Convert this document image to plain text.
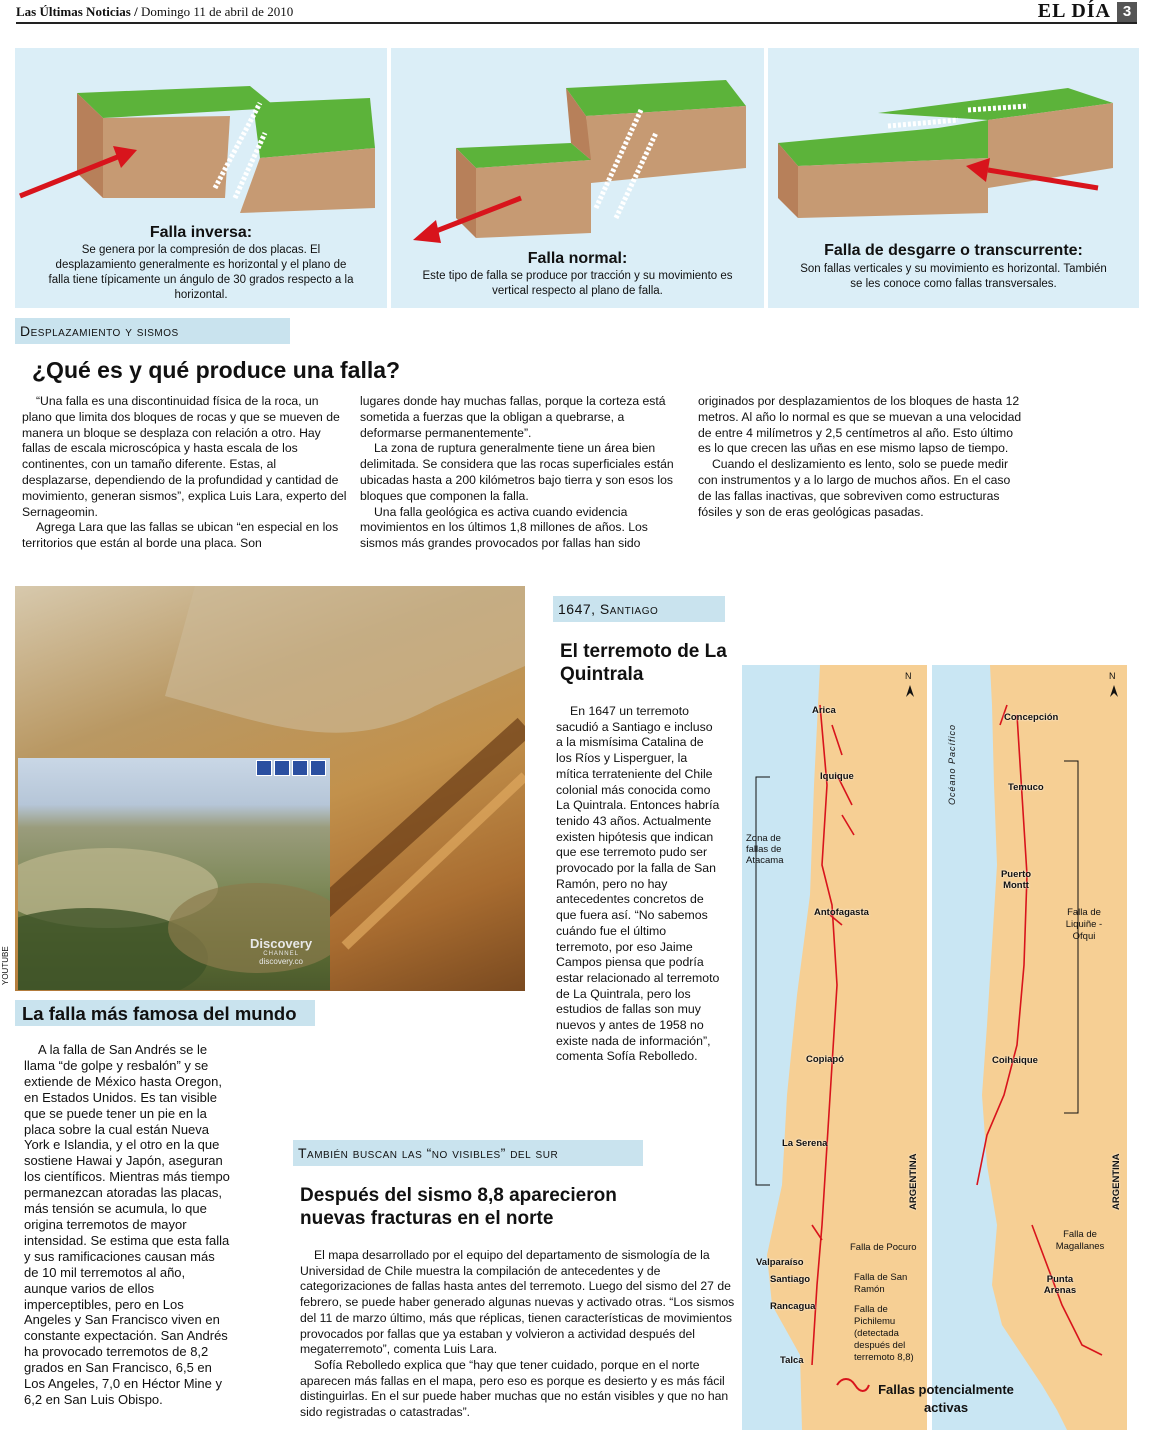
Las Últimas Noticias / Domingo 11 de abril de 2010	EL DÍA 3
Falla inversa:
Se genera por la compresión de dos placas. El desplazamiento generalmente es horizontal y el plano de falla tiene típicamente un ángulo de 30 grados respecto a la horizontal.
Falla normal:
Este tipo de falla se produce por tracción y su movimiento es vertical respecto al plano de falla.
Falla de desgarre o transcurrente:
Son fallas verticales y su movimiento es horizontal. También se les conoce como fallas transversales.
Desplazamiento y sismos
¿Qué es y qué produce una falla?

“Una falla es una discontinuidad física de la roca, un plano que limita dos bloques de rocas y que se mueven de manera un bloque se desplaza con relación a otro. Hay fallas de escala microscópica y hasta escala de los continentes, con un tamaño diferente. Estas, al desplazarse, dependiendo de la profundidad y cantidad de movimiento, generan sismos”, explica Luis Lara, experto del Sernageomin.

Agrega Lara que las fallas se ubican “en especial en los territorios que están al borde una placa. Son

lugares donde hay muchas fallas, porque la corteza está sometida a fuerzas que la obligan a quebrarse, a deformarse permanentemente”.

La zona de ruptura generalmente tiene un área bien delimitada. Se considera que las rocas superficiales están ubicadas hasta a 200 kilómetros bajo tierra y son esos los bloques que componen la falla.

Una falla geológica es activa cuando evidencia movimientos en los últimos 1,8 millones de años. Los sismos más grandes provocados por fallas han sido

originados por desplazamientos de los bloques de hasta 12 metros. Al año lo normal es que se muevan a una velocidad de entre 4 milímetros y 2,5 centímetros al año. Esto último es lo que crecen las uñas en ese mismo lapso de tiempo.

Cuando el deslizamiento es lento, solo se puede medir con instrumentos y a lo largo de muchos años. En el caso de las fallas inactivas, que sobreviven como estructuras fósiles y son de eras geológicas pasadas.

Discovery
CHANNEL
discovery.co
YOUTUBE
La falla más famosa del mundo

A la falla de San Andrés se le llama “de golpe y resbalón” y se extiende de México hasta Oregon, en Estados Unidos. Es tan visible que se puede tener un pie en la placa sobre la cual están Nueva York e Islandia, y el otro en la que sostiene Hawai y Japón, aseguran los científicos. Mientras más tiempo permanezcan atoradas las placas, más tensión se acumula, lo que origina terremotos de mayor intensidad. Se estima que esta falla y sus ramificaciones causan más de 10 mil terremotos al año, aunque varios de ellos imperceptibles, pero en Los Angeles y San Francisco viven en constante expectación. San Andrés ha provocado terremotos de 8,2 grados en San Francisco, 6,5 en Los Angeles, 7,0 en Héctor Mine y 6,2 en San Luis Obispo.

1647, Santiago
El terremoto de La Quintrala

En 1647 un terremoto sacudió a Santiago e incluso a la mismísima Catalina de los Ríos y Lisperguer, la mítica terrateniente del Chile colonial más conocida como La Quintrala. Entonces habría tenido 43 años. Actualmente existen hipótesis que indican que ese terremoto pudo ser provocado por la falla de San Ramón, pero no hay antecedentes concretos de que fuera así. “No sabemos cuándo fue el último terremoto, por eso Jaime Campos piensa que podría estar relacionado al terremoto de La Quintrala, pero los estudios de fallas son muy nuevos y antes de 1958 no existe nada de información”, comenta Sofía Rebolledo.

También buscan las “no visibles” del sur
Después del sismo 8,8 aparecieron nuevas fracturas en el norte

El mapa desarrollado por el equipo del departamento de sismología de la Universidad de Chile muestra la compilación de antecedentes y de categorizaciones de fallas hasta antes del terremoto. Luego del sismo del 27 de febrero, se puede haber generado algunas nuevas y activado otras. “Los sismos del 11 de marzo último, más que réplicas, tienen características de movimientos provocados por fallas que ya estaban y volvieron a actividad después del megaterremoto”, comenta Luis Lara.

Sofía Rebolledo explica que “hay que tener cuidado, porque en el norte aparecen más fallas en el mapa, pero eso es porque es desierto y es más fácil distinguirlas. En el sur puede haber muchas que no están visibles y que no han sido registradas o catastradas”.

N	N
Arica
Iquique
Antofagasta
Copiapó
La Serena
Valparaíso
Santiago
Rancagua
Talca
Concepción
Temuco
Puerto Montt
Coihaique
Punta Arenas
Zona de fallas de Atacama
Falla de Pocuro
Falla de San Ramón
Falla de Pichilemu (detectada después del terremoto 8,8)
Falla de Liquiñe - Ofqui
Falla de Magallanes
Océano Pacífico
ARGENTINA	ARGENTINA
Fallas potencialmente activas
